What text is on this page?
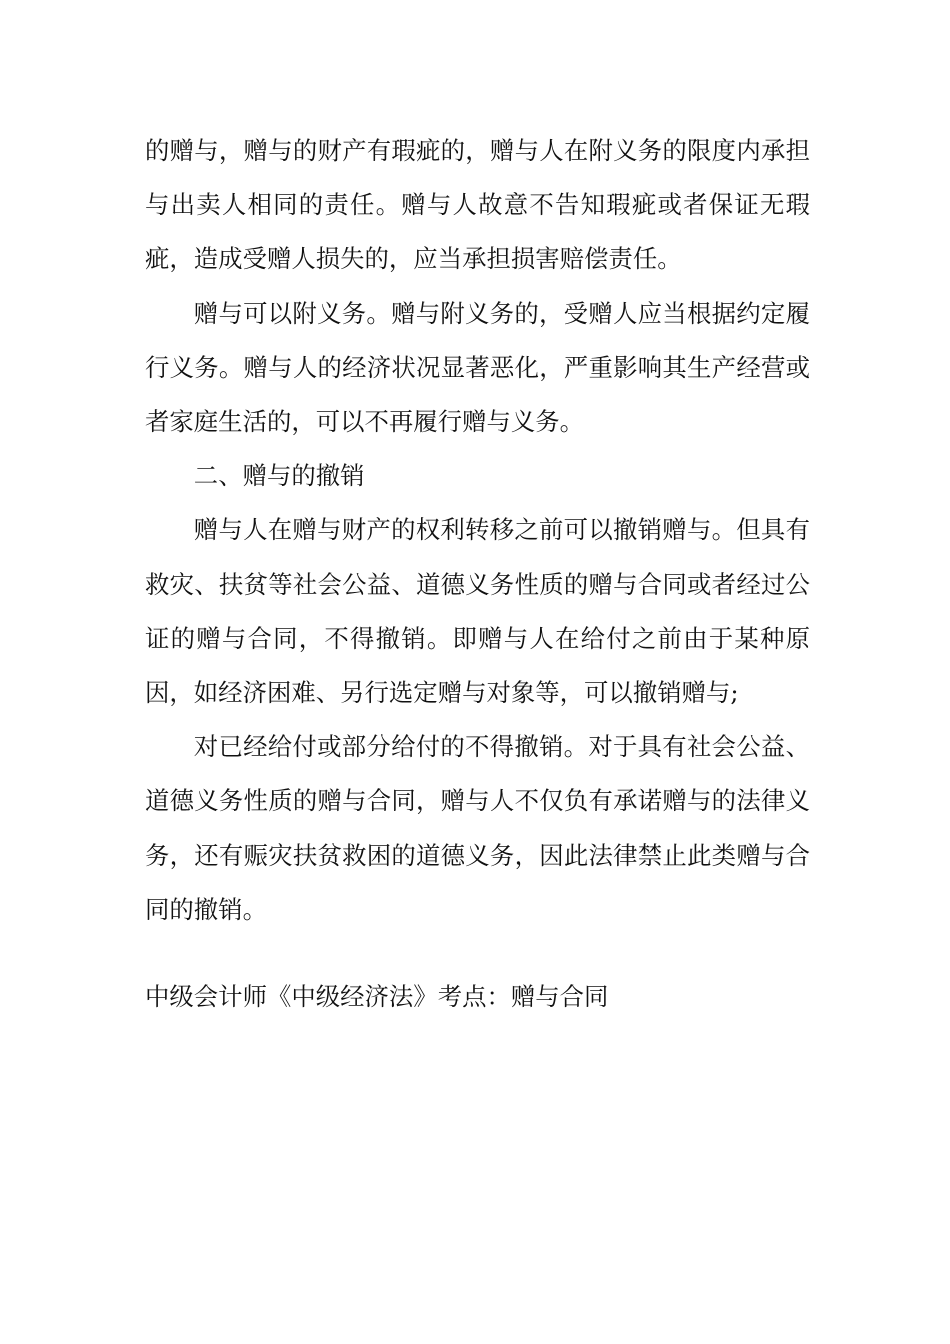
的赠与，赠与的财产有瑕疵的，赠与人在附义务的限度内承担与出卖人相同的责任。赠与人故意不告知瑕疵或者保证无瑕疵，造成受赠人损失的，应当承担损害赔偿责任。

赠与可以附义务。赠与附义务的，受赠人应当根据约定履行义务。赠与人的经济状况显著恶化，严重影响其生产经营或者家庭生活的，可以不再履行赠与义务。

二、赠与的撤销

赠与人在赠与财产的权利转移之前可以撤销赠与。但具有救灾、扶贫等社会公益、道德义务性质的赠与合同或者经过公证的赠与合同，不得撤销。即赠与人在给付之前由于某种原因，如经济困难、另行选定赠与对象等，可以撤销赠与;

对已经给付或部分给付的不得撤销。对于具有社会公益、道德义务性质的赠与合同，赠与人不仅负有承诺赠与的法律义务，还有赈灾扶贫救困的道德义务，因此法律禁止此类赠与合同的撤销。

中级会计师《中级经济法》考点：赠与合同
